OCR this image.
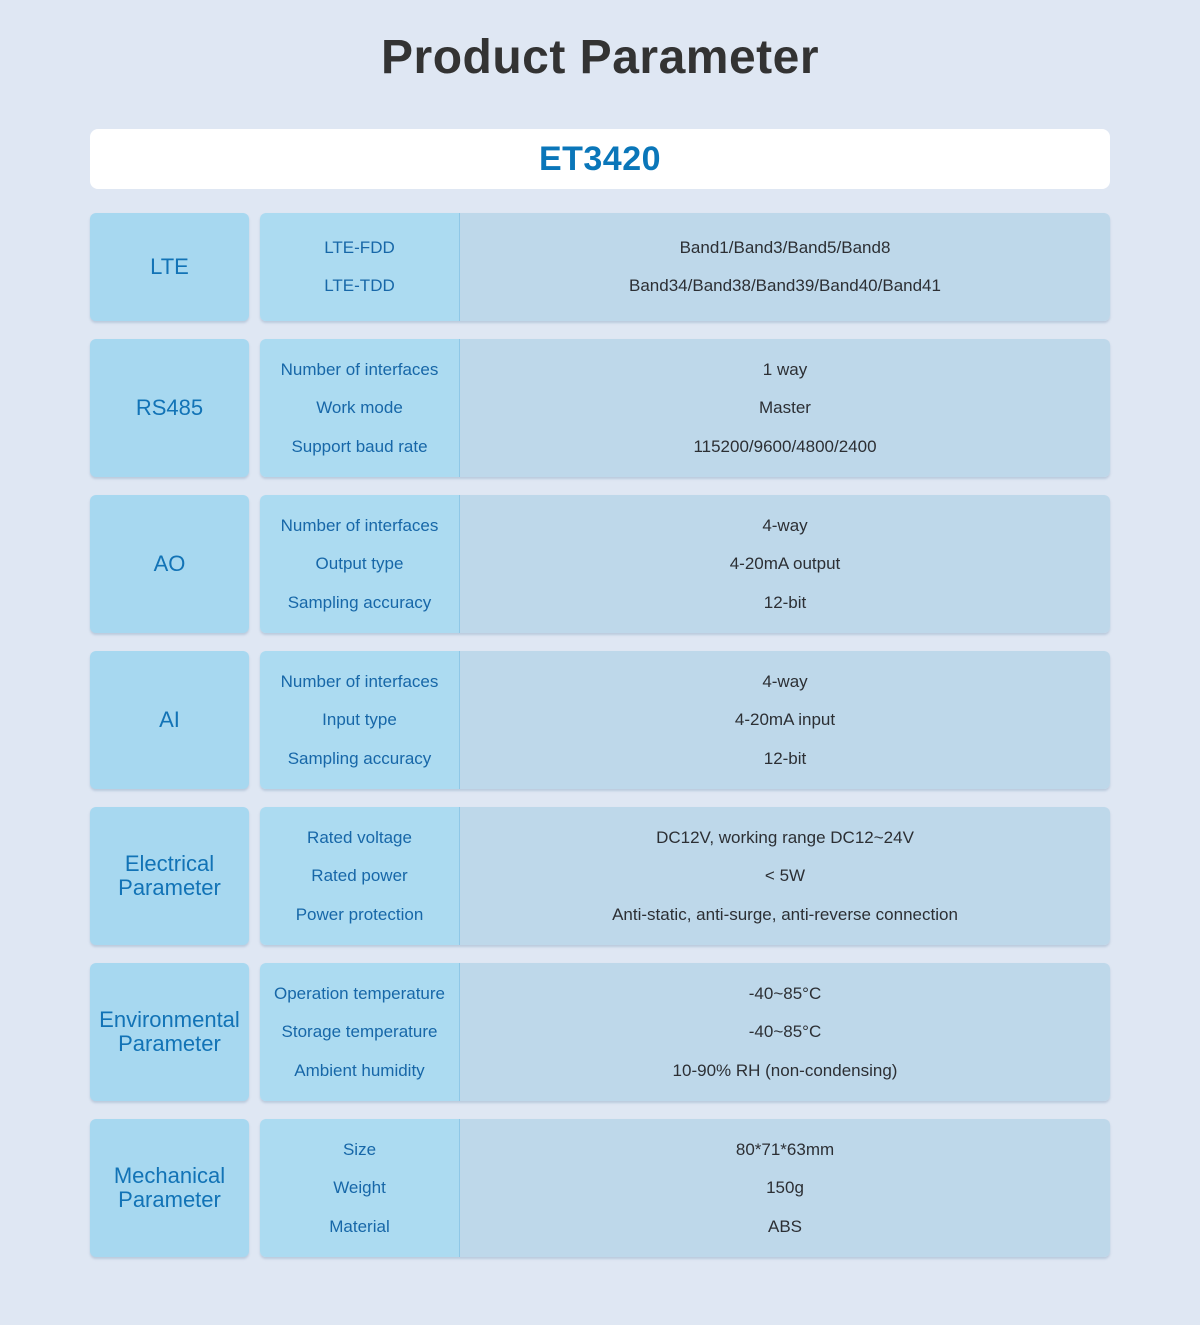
Product Parameter
ET3420
LTE
LTE-FDD
LTE-TDD
Band1/Band3/Band5/Band8
Band34/Band38/Band39/Band40/Band41
RS485
Number of interfaces
Work mode
Support baud rate
1 way
Master
115200/9600/4800/2400
AO
Number of interfaces
Output type
Sampling accuracy
4-way
4-20mA output
12-bit
AI
Number of interfaces
Input type
Sampling accuracy
4-way
4-20mA input
12-bit
Electrical
Parameter
Rated voltage
Rated power
Power protection
DC12V, working range DC12~24V
< 5W
Anti-static, anti-surge, anti-reverse connection
Environmental
Parameter
Operation temperature
Storage temperature
Ambient humidity
-40~85°C
-40~85°C
10-90% RH (non-condensing)
Mechanical
Parameter
Size
Weight
Material
80*71*63mm
150g
ABS
